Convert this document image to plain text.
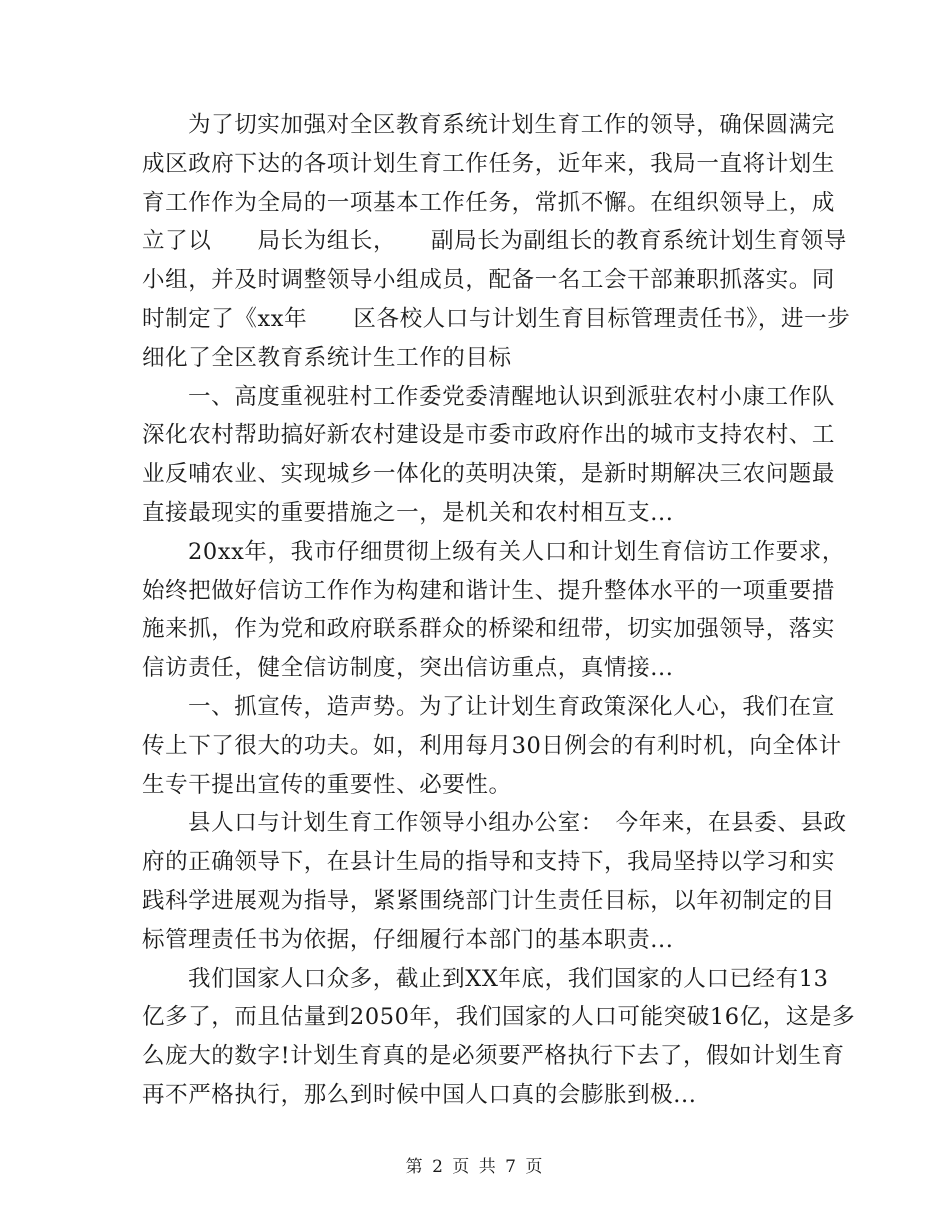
为了切实加强对全区教育系统计划生育工作的领导，确保圆满完
成区政府下达的各项计划生育工作任务，近年来，我局一直将计划生
育工作作为全局的一项基本工作任务，常抓不懈。在组织领导上，成
立了以　　局长为组长，　　副局长为副组长的教育系统计划生育领导
小组，并及时调整领导小组成员，配备一名工会干部兼职抓落实。同
时制定了《xx年　　区各校人口与计划生育目标管理责任书》，进一步
细化了全区教育系统计生工作的目标

一、高度重视驻村工作委党委清醒地认识到派驻农村小康工作队
深化农村帮助搞好新农村建设是市委市政府作出的城市支持农村、工
业反哺农业、实现城乡一体化的英明决策，是新时期解决三农问题最
直接最现实的重要措施之一，是机关和农村相互支...

20xx年，我市仔细贯彻上级有关人口和计划生育信访工作要求，
始终把做好信访工作作为构建和谐计生、提升整体水平的一项重要措
施来抓，作为党和政府联系群众的桥梁和纽带，切实加强领导，落实
信访责任，健全信访制度，突出信访重点，真情接...

一、抓宣传，造声势。为了让计划生育政策深化人心，我们在宣
传上下了很大的功夫。如，利用每月30日例会的有利时机，向全体计
生专干提出宣传的重要性、必要性。

县人口与计划生育工作领导小组办公室：　今年来，在县委、县政
府的正确领导下，在县计生局的指导和支持下，我局坚持以学习和实
践科学进展观为指导，紧紧围绕部门计生责任目标，以年初制定的目
标管理责任书为依据，仔细履行本部门的基本职责...

我们国家人口众多，截止到XX年底，我们国家的人口已经有13
亿多了，而且估量到2050年，我们国家的人口可能突破16亿，这是多
么庞大的数字!计划生育真的是必须要严格执行下去了，假如计划生育
再不严格执行，那么到时候中国人口真的会膨胀到极...

第 2 页 共 7 页
